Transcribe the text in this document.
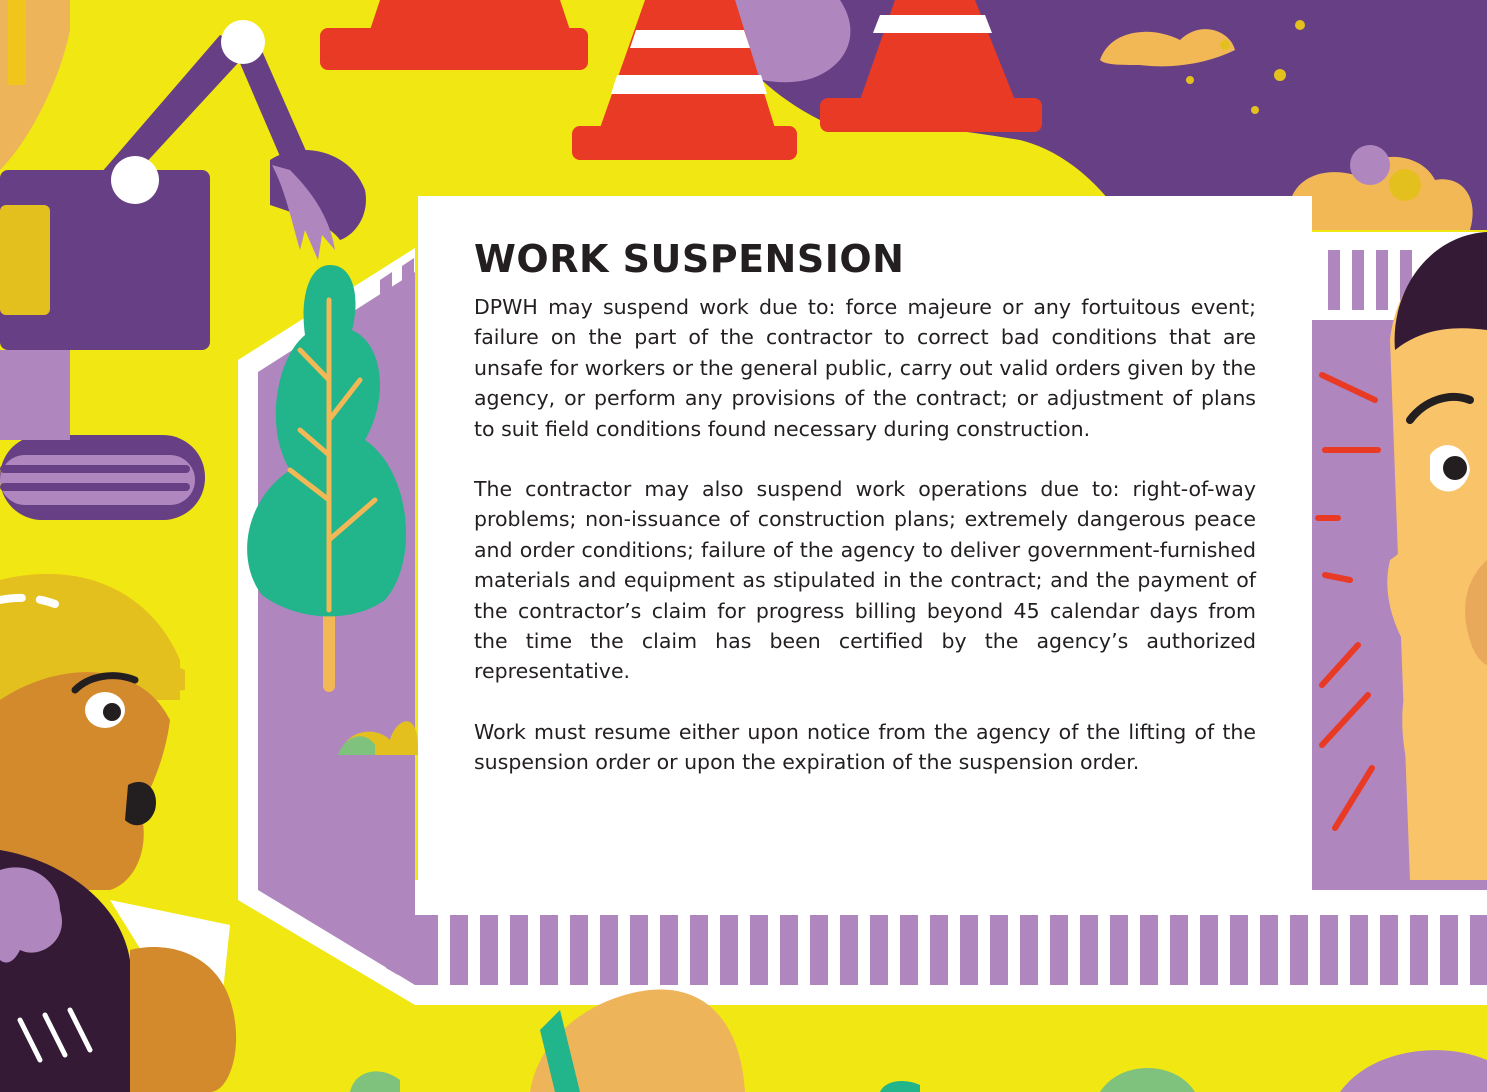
WORK SUSPENSION

DPWH may suspend work due to: force majeure or any fortuitous event; failure on the part of the contractor to correct bad conditions that are unsafe for workers or the general public, carry out valid orders given by the agency, or perform any provisions of the contract; or adjustment of plans to suit field conditions found necessary during construction.

The contractor may also suspend work operations due to: right-of-way problems; non-issuance of construction plans; extremely dangerous peace and order conditions; failure of the agency to deliver government-furnished materials and equipment as stipulated in the contract; and the payment of the contractor’s claim for progress billing beyond 45 calendar days from the time the claim has been certified by the agency’s authorized representative.

Work must resume either upon notice from the agency of the lifting of the suspension order or upon the expiration of the suspension order.
